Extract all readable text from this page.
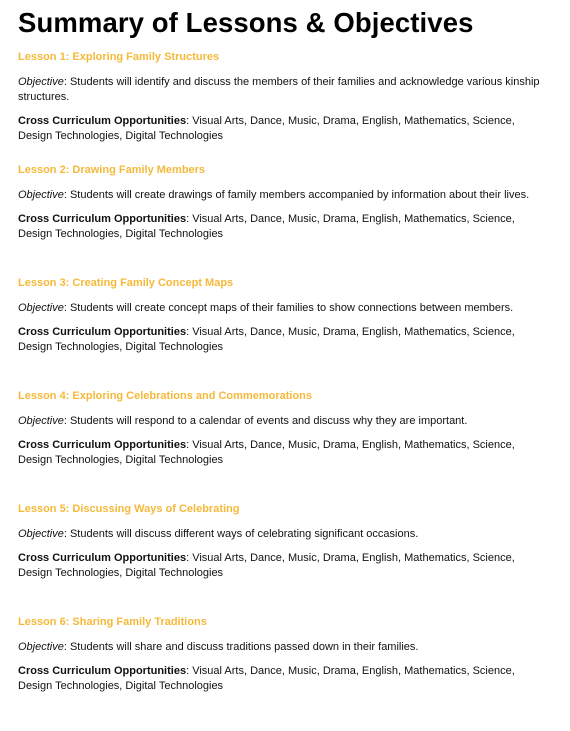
Summary of Lessons & Objectives

Lesson 1: Exploring Family Structures

Objective: Students will identify and discuss the members of their families and acknowledge various kinship structures.

Cross Curriculum Opportunities: Visual Arts, Dance, Music, Drama, English, Mathematics, Science, Design Technologies, Digital Technologies

Lesson 2: Drawing Family Members

Objective: Students will create drawings of family members accompanied by information about their lives.

Cross Curriculum Opportunities: Visual Arts, Dance, Music, Drama, English, Mathematics, Science, Design Technologies, Digital Technologies

Lesson 3: Creating Family Concept Maps

Objective: Students will create concept maps of their families to show connections between members.

Cross Curriculum Opportunities: Visual Arts, Dance, Music, Drama, English, Mathematics, Science, Design Technologies, Digital Technologies

Lesson 4: Exploring Celebrations and Commemorations

Objective: Students will respond to a calendar of events and discuss why they are important.

Cross Curriculum Opportunities: Visual Arts, Dance, Music, Drama, English, Mathematics, Science, Design Technologies, Digital Technologies

Lesson 5: Discussing Ways of Celebrating

Objective: Students will discuss different ways of celebrating significant occasions.

Cross Curriculum Opportunities: Visual Arts, Dance, Music, Drama, English, Mathematics, Science, Design Technologies, Digital Technologies

Lesson 6: Sharing Family Traditions

Objective: Students will share and discuss traditions passed down in their families.

Cross Curriculum Opportunities: Visual Arts, Dance, Music, Drama, English, Mathematics, Science, Design Technologies, Digital Technologies
